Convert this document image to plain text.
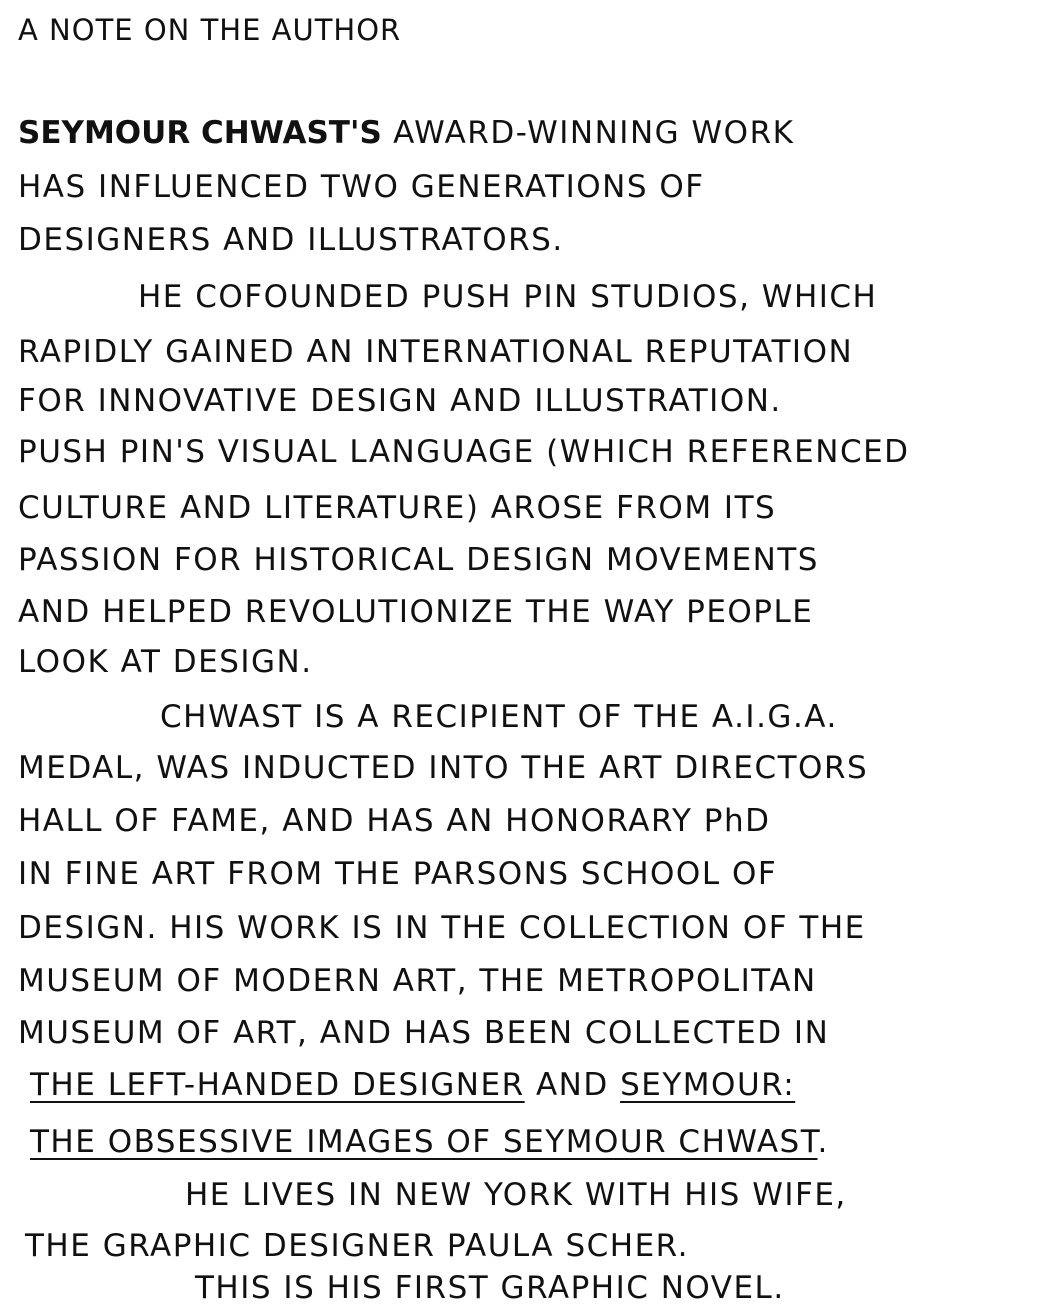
A NOTE ON THE AUTHOR
SEYMOUR CHWAST'S AWARD-WINNING WORK
HAS INFLUENCED TWO GENERATIONS OF
DESIGNERS AND ILLUSTRATORS.
HE COFOUNDED PUSH PIN STUDIOS, WHICH
RAPIDLY GAINED AN INTERNATIONAL REPUTATION
FOR INNOVATIVE DESIGN AND ILLUSTRATION.
PUSH PIN'S VISUAL LANGUAGE (WHICH REFERENCED
CULTURE AND LITERATURE) AROSE FROM ITS
PASSION FOR HISTORICAL DESIGN MOVEMENTS
AND HELPED REVOLUTIONIZE THE WAY PEOPLE
LOOK AT DESIGN.
CHWAST IS A RECIPIENT OF THE A.I.G.A.
MEDAL, WAS INDUCTED INTO THE ART DIRECTORS
HALL OF FAME, AND HAS AN HONORARY PhD
IN FINE ART FROM THE PARSONS SCHOOL OF
DESIGN. HIS WORK IS IN THE COLLECTION OF THE
MUSEUM OF MODERN ART, THE METROPOLITAN
MUSEUM OF ART, AND HAS BEEN COLLECTED IN
THE LEFT-HANDED DESIGNER AND SEYMOUR:
THE OBSESSIVE IMAGES OF SEYMOUR CHWAST.
HE LIVES IN NEW YORK WITH HIS WIFE,
THE GRAPHIC DESIGNER PAULA SCHER.
THIS IS HIS FIRST GRAPHIC NOVEL.
